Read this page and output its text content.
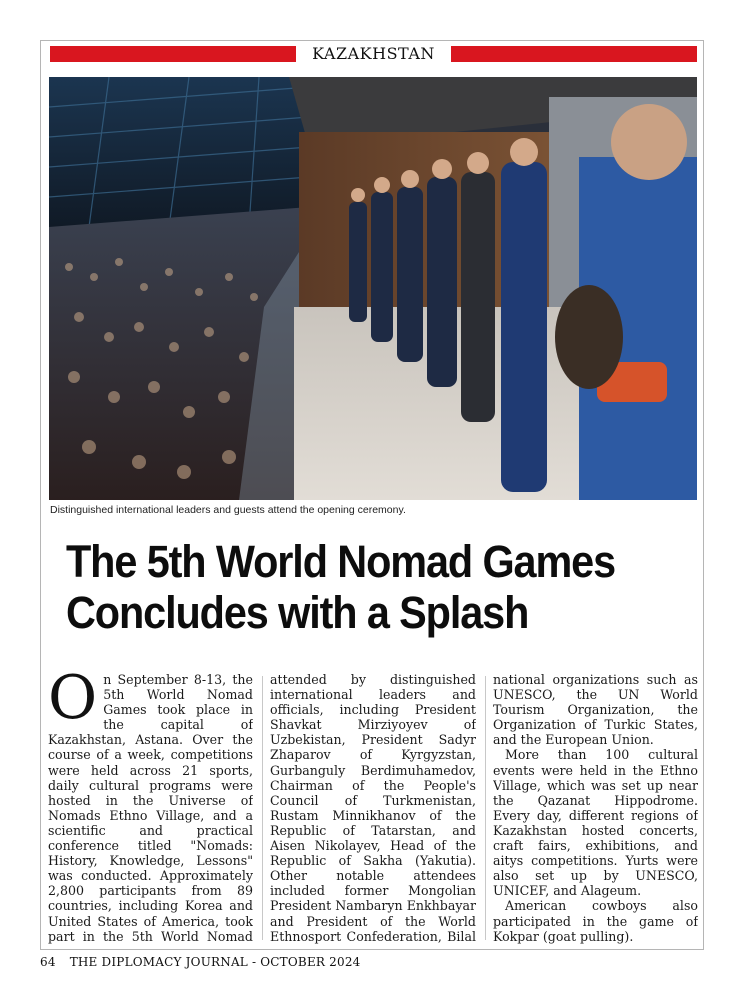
KAZAKHSTAN
Distinguished international leaders and guests attend the opening ceremony.
The 5th World Nomad Games
Concludes with a Splash

On September 8-13, the 5th World Nomad Games took place in the capital of Kazakhstan, Astana. Over the course of a week, competitions were held across 21 sports, daily cultural programs were hosted in the Universe of Nomads Ethno Village, and a scientific and practical conference titled "Nomads: History, Knowledge, Lessons" was conducted. Approximately 2,800 participants from 89 countries, including Korea and United States of America, took part in the 5th World Nomad

attended by distinguished international leaders and officials, including President Shavkat Mirziyoyev of Uzbekistan, President Sadyr Zhaparov of Kyrgyzstan, Gurbanguly Berdimuhamedov, Chairman of the People's Council of Turkmenistan, Rustam Minnikhanov of the Republic of Tatarstan, and Aisen Nikolayev, Head of the Republic of Sakha (Yakutia). Other notable attendees included former Mongolian President Nambaryn Enkhbayar and President of the World Ethnosport Confederation, Bilal

national organizations such as UNESCO, the UN World Tourism Organization, the Organization of Turkic States, and the European Union.

More than 100 cultural events were held in the Ethno Village, which was set up near the Qazanat Hippodrome. Every day, different regions of Kazakhstan hosted concerts, craft fairs, exhibitions, and aitys competitions. Yurts were also set up by UNESCO, UNICEF, and Alageum.

American cowboys also participated in the game of Kokpar (goat pulling).

64 THE DIPLOMACY JOURNAL - OCTOBER 2024
